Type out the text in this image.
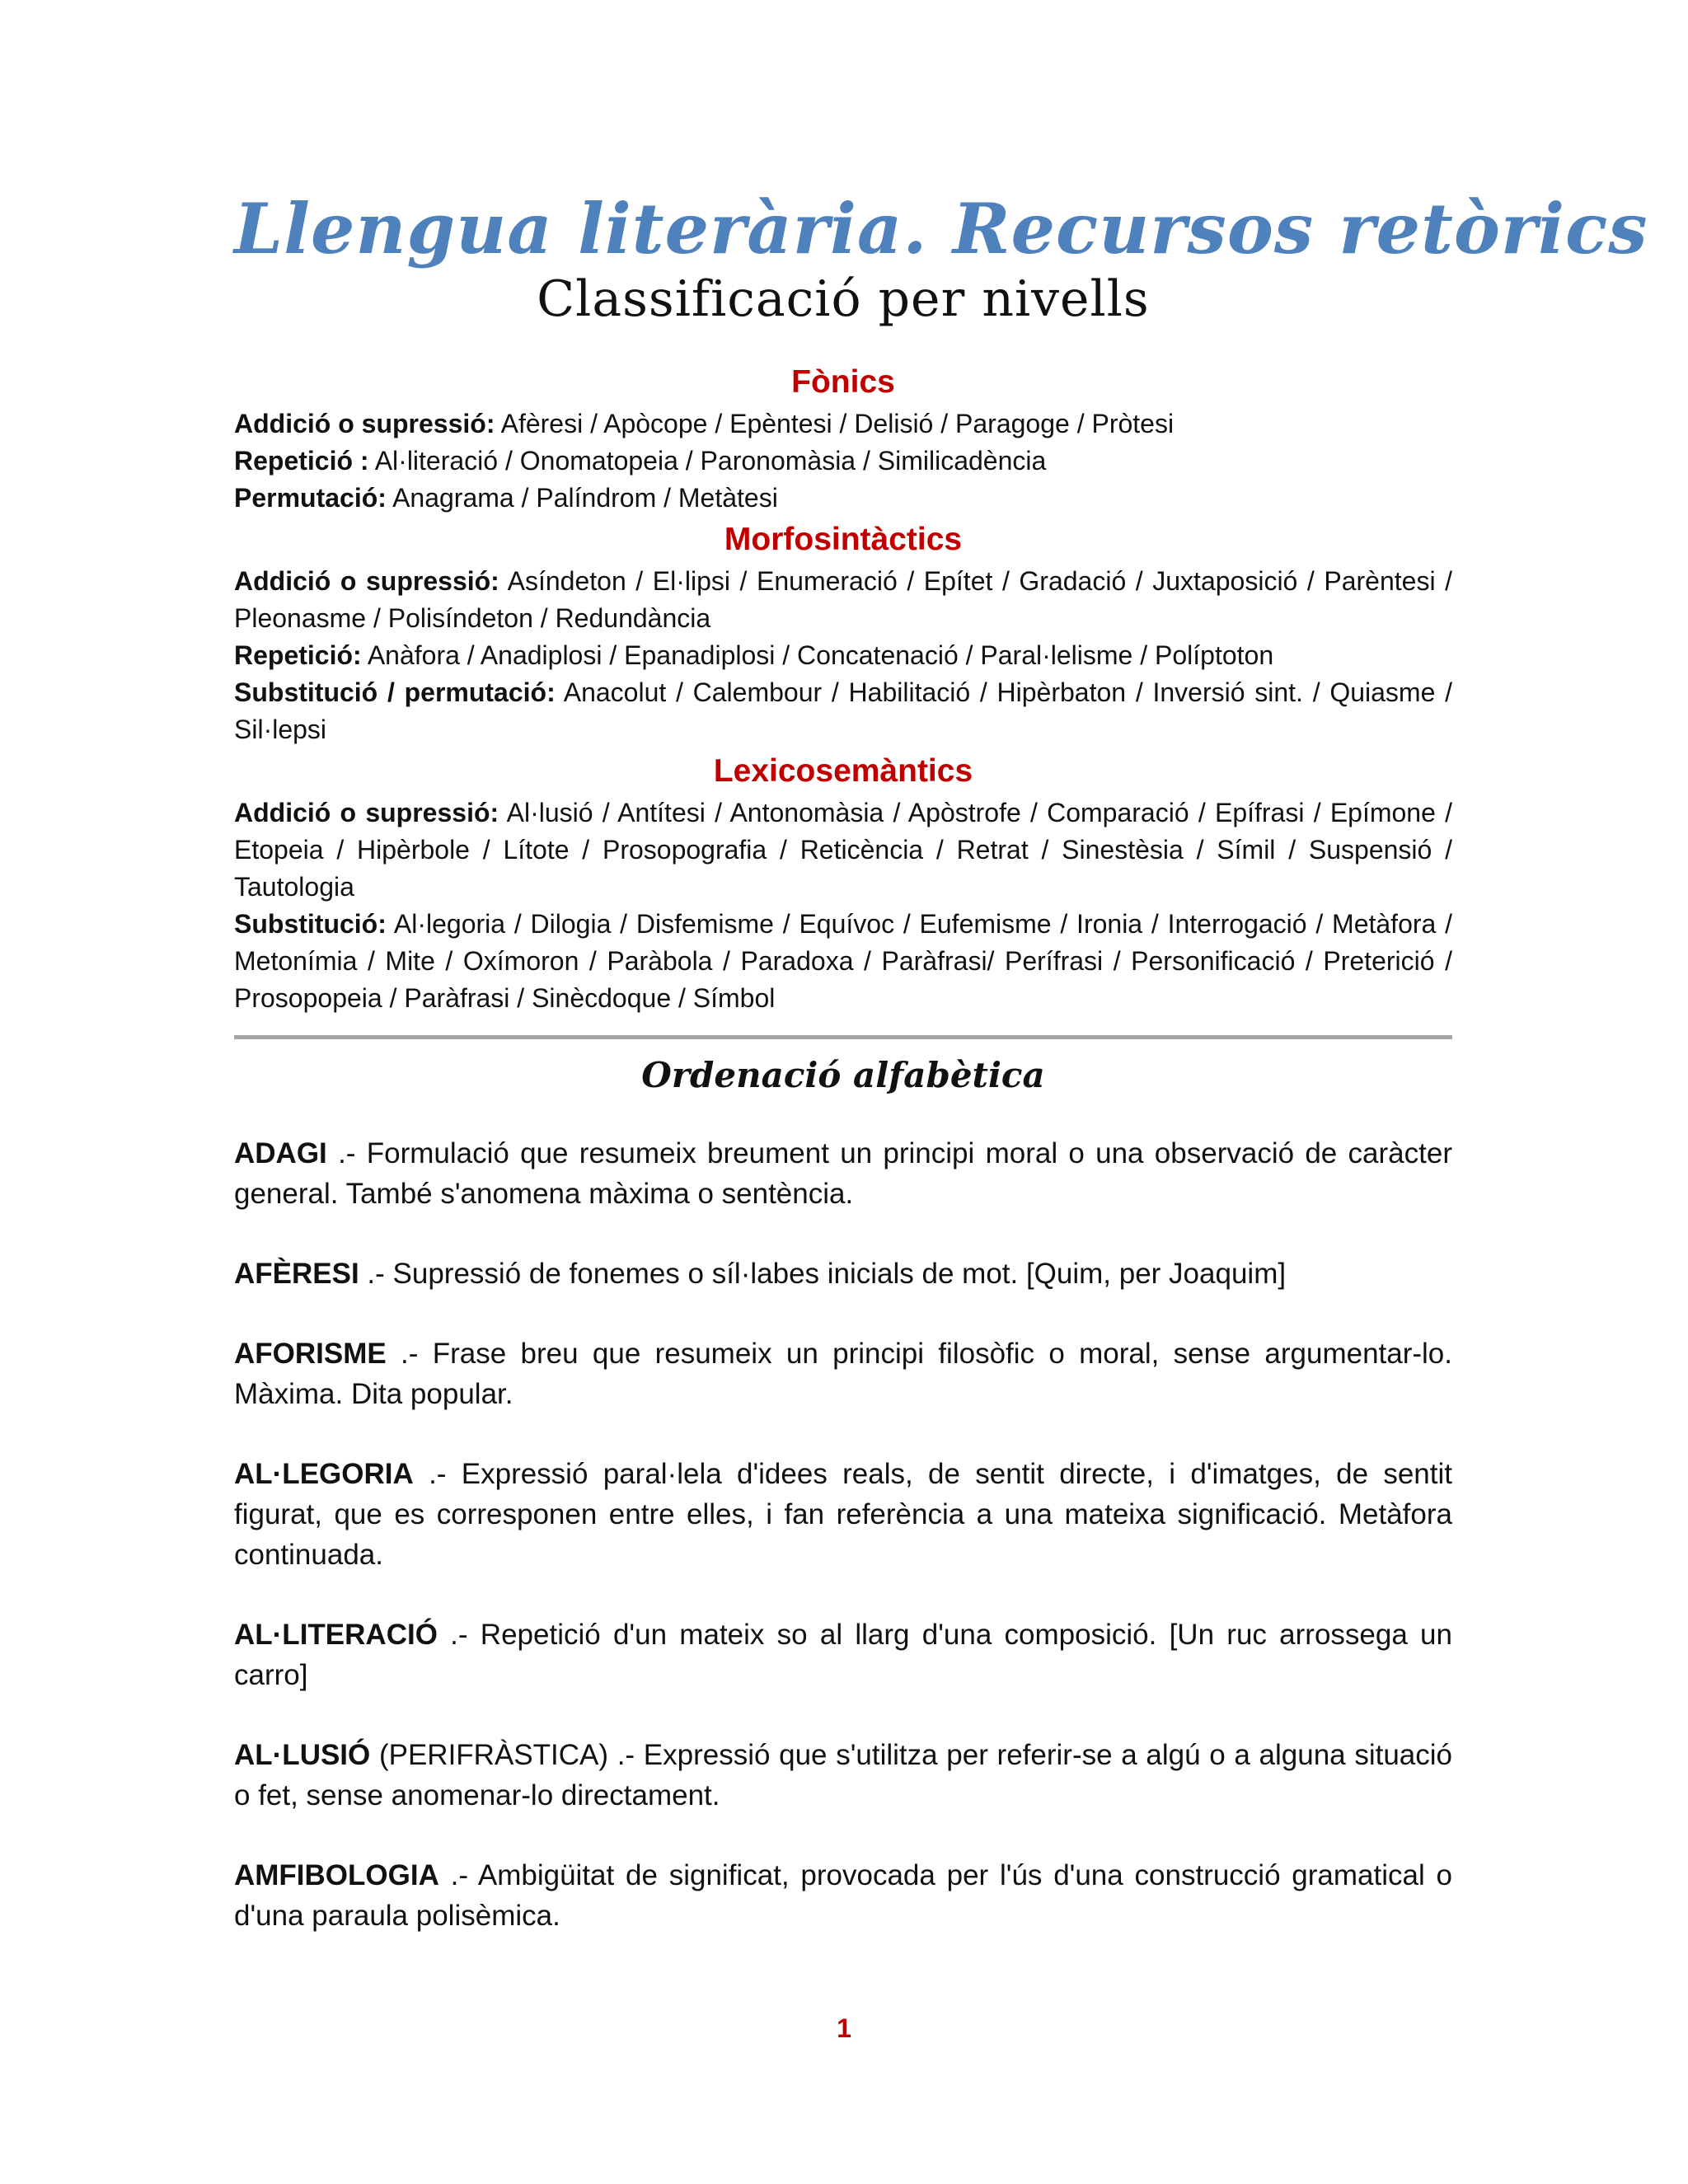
Llengua literària. Recursos retòrics
Classificació per nivells
Fònics

Addició o supressió: Afèresi / Apòcope / Epèntesi / Delisió / Paragoge / Pròtesi

Repetició : Al·literació / Onomatopeia / Paronomàsia / Similicadència

Permutació: Anagrama / Palíndrom / Metàtesi

Morfosintàctics

Addició o supressió: Asíndeton / El·lipsi / Enumeració / Epítet / Gradació / Juxtaposició / Parèntesi / Pleonasme / Polisíndeton / Redundància

Repetició: Anàfora / Anadiplosi / Epanadiplosi / Concatenació / Paral·lelisme / Políptoton

Substitució / permutació: Anacolut / Calembour / Habilitació / Hipèrbaton / Inversió sint. / Quiasme / Sil·lepsi

Lexicosemàntics

Addició o supressió: Al·lusió / Antítesi / Antonomàsia / Apòstrofe / Comparació / Epífrasi / Epímone / Etopeia / Hipèrbole / Lítote / Prosopografia / Reticència / Retrat / Sinestèsia / Símil / Suspensió / Tautologia

Substitució: Al·legoria / Dilogia / Disfemisme / Equívoc / Eufemisme / Ironia / Interrogació / Metàfora / Metonímia / Mite / Oxímoron / Paràbola / Paradoxa / Paràfrasi/ Perífrasi / Personificació / Preterició / Prosopopeia / Paràfrasi / Sinècdoque / Símbol

Ordenació alfabètica

ADAGI .- Formulació que resumeix breument un principi moral o una observació de caràcter general. També s'anomena màxima o sentència.

AFÈRESI .- Supressió de fonemes o síl·labes inicials de mot. [Quim, per Joaquim]

AFORISME .- Frase breu que resumeix un principi filosòfic o moral, sense argumentar-lo. Màxima. Dita popular.

AL·LEGORIA .- Expressió paral·lela d'idees reals, de sentit directe, i d'imatges, de sentit figurat, que es corresponen entre elles, i fan referència a una mateixa significació. Metàfora continuada.

AL·LITERACIÓ .- Repetició d'un mateix so al llarg d'una composició. [Un ruc arrossega un carro]

AL·LUSIÓ (PERIFRÀSTICA) .- Expressió que s'utilitza per referir-se a algú o a alguna situació o fet, sense anomenar-lo directament.

AMFIBOLOGIA .- Ambigüitat de significat, provocada per l'ús d'una construcció gramatical o d'una paraula polisèmica.

1
